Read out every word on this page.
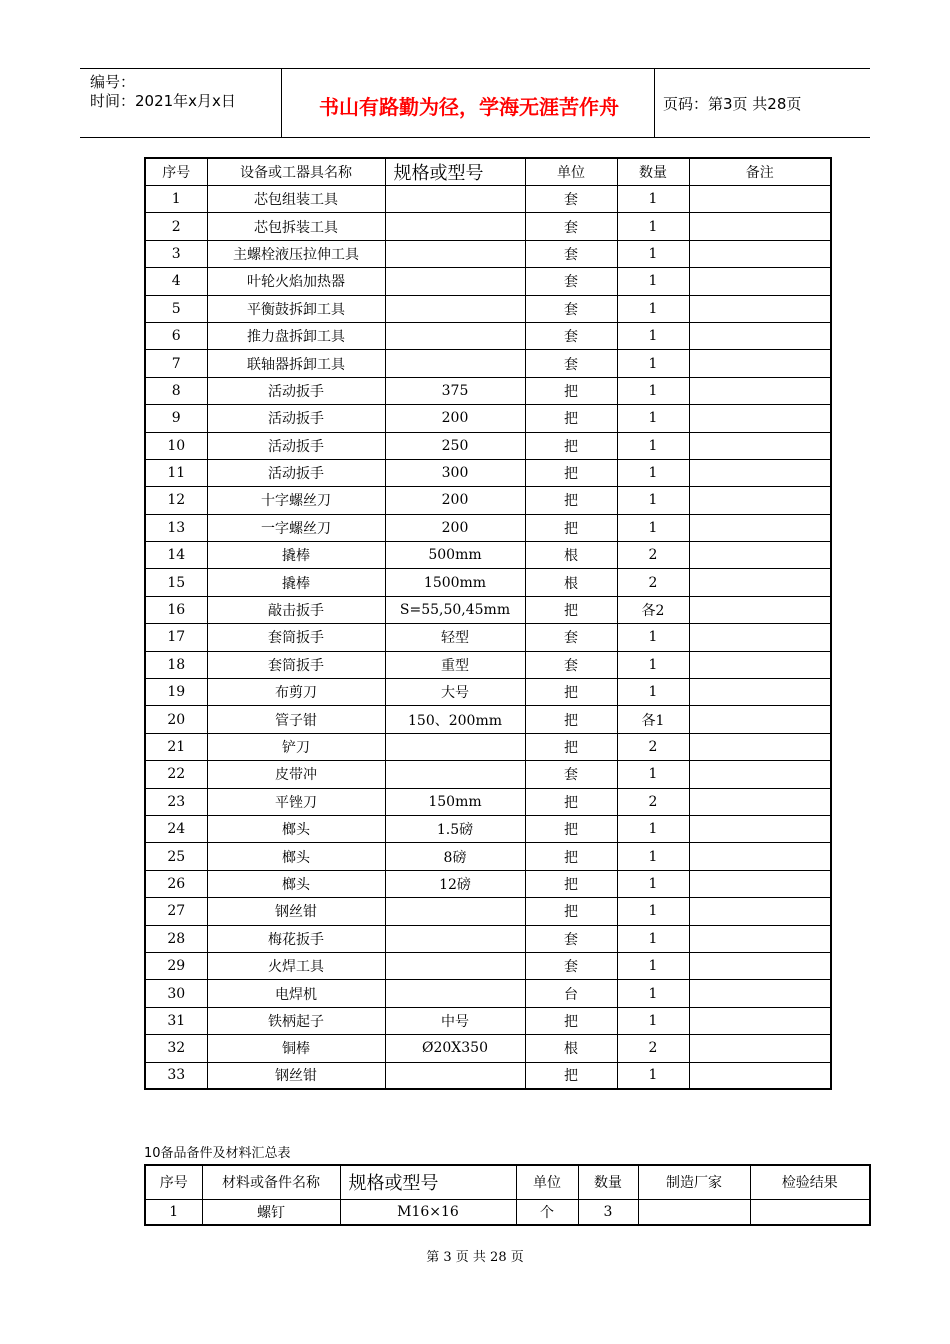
编号：
时间：2021年x月x日	书山有路勤为径，学海无涯苦作舟	页码：第3页 共28页
序号	设备或工器具名称	规格或型号	单位	数量	备注
1	芯包组装工具		套	1	
2	芯包拆装工具		套	1	
3	主螺栓液压拉伸工具		套	1	
4	叶轮火焰加热器		套	1	
5	平衡鼓拆卸工具		套	1	
6	推力盘拆卸工具		套	1	
7	联轴器拆卸工具		套	1	
8	活动扳手	375	把	1	
9	活动扳手	200	把	1	
10	活动扳手	250	把	1	
11	活动扳手	300	把	1	
12	十字螺丝刀	200	把	1	
13	一字螺丝刀	200	把	1	
14	撬棒	500mm	根	2	
15	撬棒	1500mm	根	2	
16	敲击扳手	S=55,50,45mm	把	各2	
17	套筒扳手	轻型	套	1	
18	套筒扳手	重型	套	1	
19	布剪刀	大号	把	1	
20	管子钳	150、200mm	把	各1	
21	铲刀		把	2	
22	皮带冲		套	1	
23	平锉刀	150mm	把	2	
24	榔头	1.5磅	把	1	
25	榔头	8磅	把	1	
26	榔头	12磅	把	1	
27	钢丝钳		把	1	
28	梅花扳手		套	1	
29	火焊工具		套	1	
30	电焊机		台	1	
31	铁柄起子	中号	把	1	
32	铜棒	Ø20X350	根	2	
33	钢丝钳		把	1	
10备品备件及材料汇总表
序号	材料或备件名称	规格或型号	单位	数量	制造厂家	检验结果
1	螺钉	M16×16	个	3		
第 3 页 共 28 页
